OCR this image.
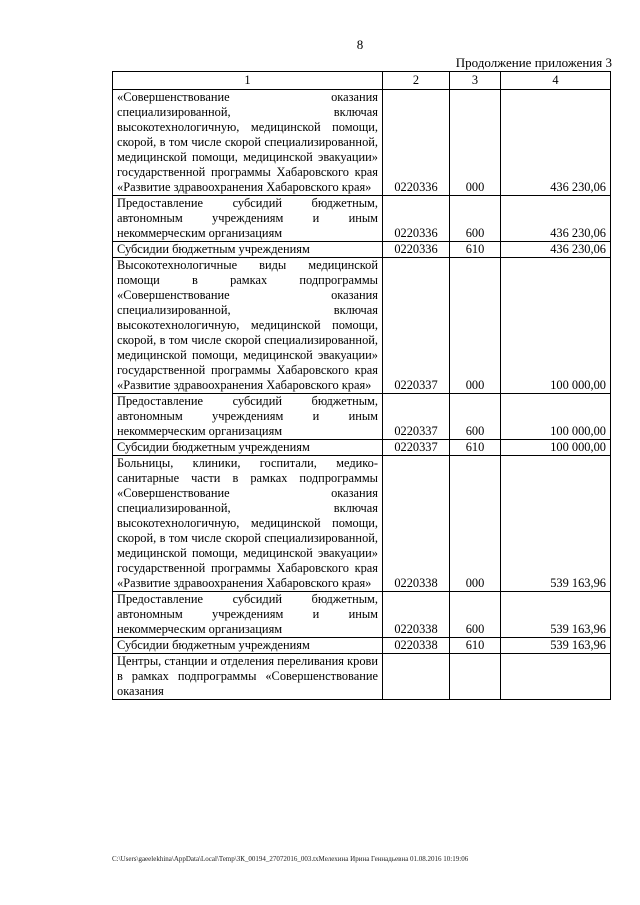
8
Продолжение приложения 3
1	2	3	4
«Совершенствование оказания специализированной, включая высокотехнологичную, медицинской помощи, скорой, в том числе скорой специализированной, медицинской помощи, медицинской эвакуации» государственной программы Хабаровского края «Развитие здравоохранения Хабаровского края»	0220336	000	436 230,06
Предоставление субсидий бюджетным, автономным учреждениям и иным некоммерческим организациям	0220336	600	436 230,06
Субсидии бюджетным учреждениям	0220336	610	436 230,06
Высокотехнологичные виды медицинской помощи в рамках подпрограммы «Совершенствование оказания специализированной, включая высокотехнологичную, медицинской помощи, скорой, в том числе скорой специализированной, медицинской помощи, медицинской эвакуации» государственной программы Хабаровского края «Развитие здравоохранения Хабаровского края»	0220337	000	100 000,00
Предоставление субсидий бюджетным, автономным учреждениям и иным некоммерческим организациям	0220337	600	100 000,00
Субсидии бюджетным учреждениям	0220337	610	100 000,00
Больницы, клиники, госпитали, медико-санитарные части в рамках подпрограммы «Совершенствование оказания специализированной, включая высокотехнологичную, медицинской помощи, скорой, в том числе скорой специализированной, медицинской помощи, медицинской эвакуации» государственной программы Хабаровского края «Развитие здравоохранения Хабаровского края»	0220338	000	539 163,96
Предоставление субсидий бюджетным, автономным учреждениям и иным некоммерческим организациям	0220338	600	539 163,96
Субсидии бюджетным учреждениям	0220338	610	539 163,96
Центры, станции и отделения переливания крови в рамках подпрограммы «Совершенствование оказания			
C:\Users\gaeelekhina\AppData\Local\Temp\ЗК_00194_27072016_003.txМелехина Ирина Геннадьевна 01.08.2016 10:19:06
